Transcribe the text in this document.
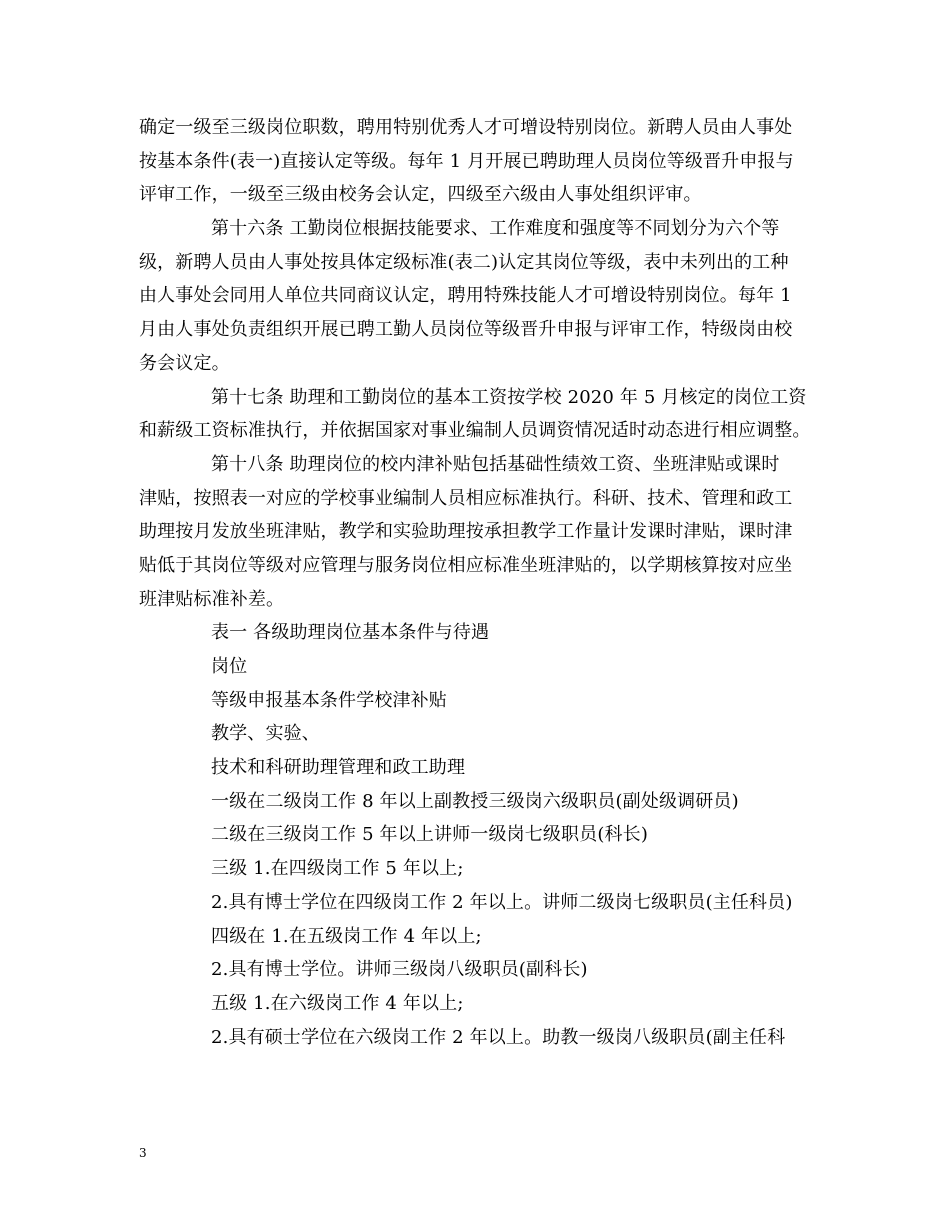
确定一级至三级岗位职数，聘用特别优秀人才可增设特别岗位。新聘人员由人事处
按基本条件(表一)直接认定等级。每年 1 月开展已聘助理人员岗位等级晋升申报与
评审工作，一级至三级由校务会认定，四级至六级由人事处组织评审。
第十六条 工勤岗位根据技能要求、工作难度和强度等不同划分为六个等
级，新聘人员由人事处按具体定级标准(表二)认定其岗位等级，表中未列出的工种
由人事处会同用人单位共同商议认定，聘用特殊技能人才可增设特别岗位。每年 1
月由人事处负责组织开展已聘工勤人员岗位等级晋升申报与评审工作，特级岗由校
务会议定。
第十七条 助理和工勤岗位的基本工资按学校 2020 年 5 月核定的岗位工资
和薪级工资标准执行，并依据国家对事业编制人员调资情况适时动态进行相应调整。
第十八条 助理岗位的校内津补贴包括基础性绩效工资、坐班津贴或课时
津贴，按照表一对应的学校事业编制人员相应标准执行。科研、技术、管理和政工
助理按月发放坐班津贴，教学和实验助理按承担教学工作量计发课时津贴，课时津
贴低于其岗位等级对应管理与服务岗位相应标准坐班津贴的，以学期核算按对应坐
班津贴标准补差。
表一 各级助理岗位基本条件与待遇
岗位
等级申报基本条件学校津补贴
教学、实验、
技术和科研助理管理和政工助理
一级在二级岗工作 8 年以上副教授三级岗六级职员(副处级调研员)
二级在三级岗工作 5 年以上讲师一级岗七级职员(科长)
三级 1.在四级岗工作 5 年以上;
2.具有博士学位在四级岗工作 2 年以上。讲师二级岗七级职员(主任科员)
四级在 1.在五级岗工作 4 年以上;
2.具有博士学位。讲师三级岗八级职员(副科长)
五级 1.在六级岗工作 4 年以上;
2.具有硕士学位在六级岗工作 2 年以上。助教一级岗八级职员(副主任科
3
